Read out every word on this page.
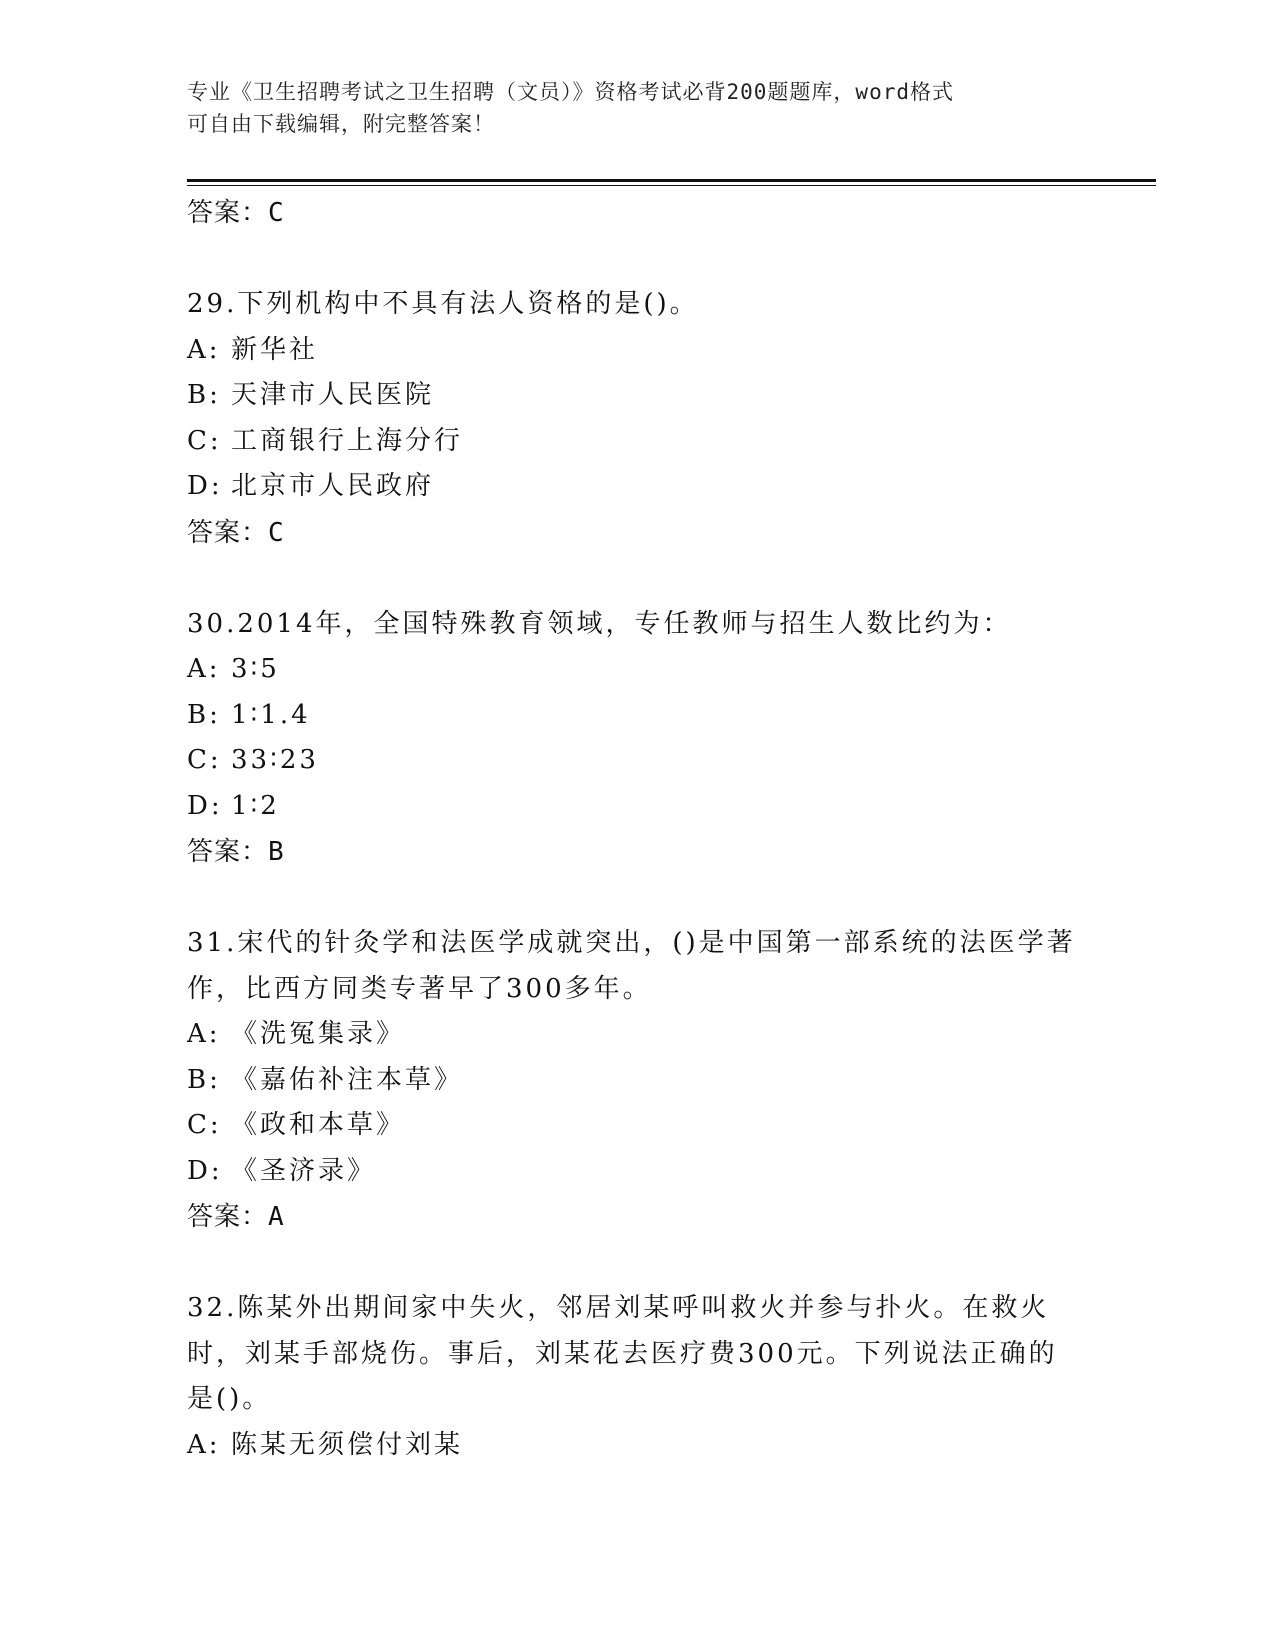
专业《卫生招聘考试之卫生招聘（文员）》资格考试必背200题题库，word格式
可自由下载编辑，附完整答案！
答案：C
29.下列机构中不具有法人资格的是()。
A: 新华社
B: 天津市人民医院
C: 工商银行上海分行
D: 北京市人民政府
答案：C
30.2014年，全国特殊教育领域，专任教师与招生人数比约为：
A: 3∶5
B: 1∶1.4
C: 33∶23
D: 1∶2
答案：B
31.宋代的针灸学和法医学成就突出，()是中国第一部系统的法医学著作，比西方同类专著早了300多年。
A: 《洗冤集录》
B: 《嘉佑补注本草》
C: 《政和本草》
D: 《圣济录》
答案：A
32.陈某外出期间家中失火，邻居刘某呼叫救火并参与扑火。在救火时，刘某手部烧伤。事后，刘某花去医疗费300元。下列说法正确的是()。
A: 陈某无须偿付刘某
